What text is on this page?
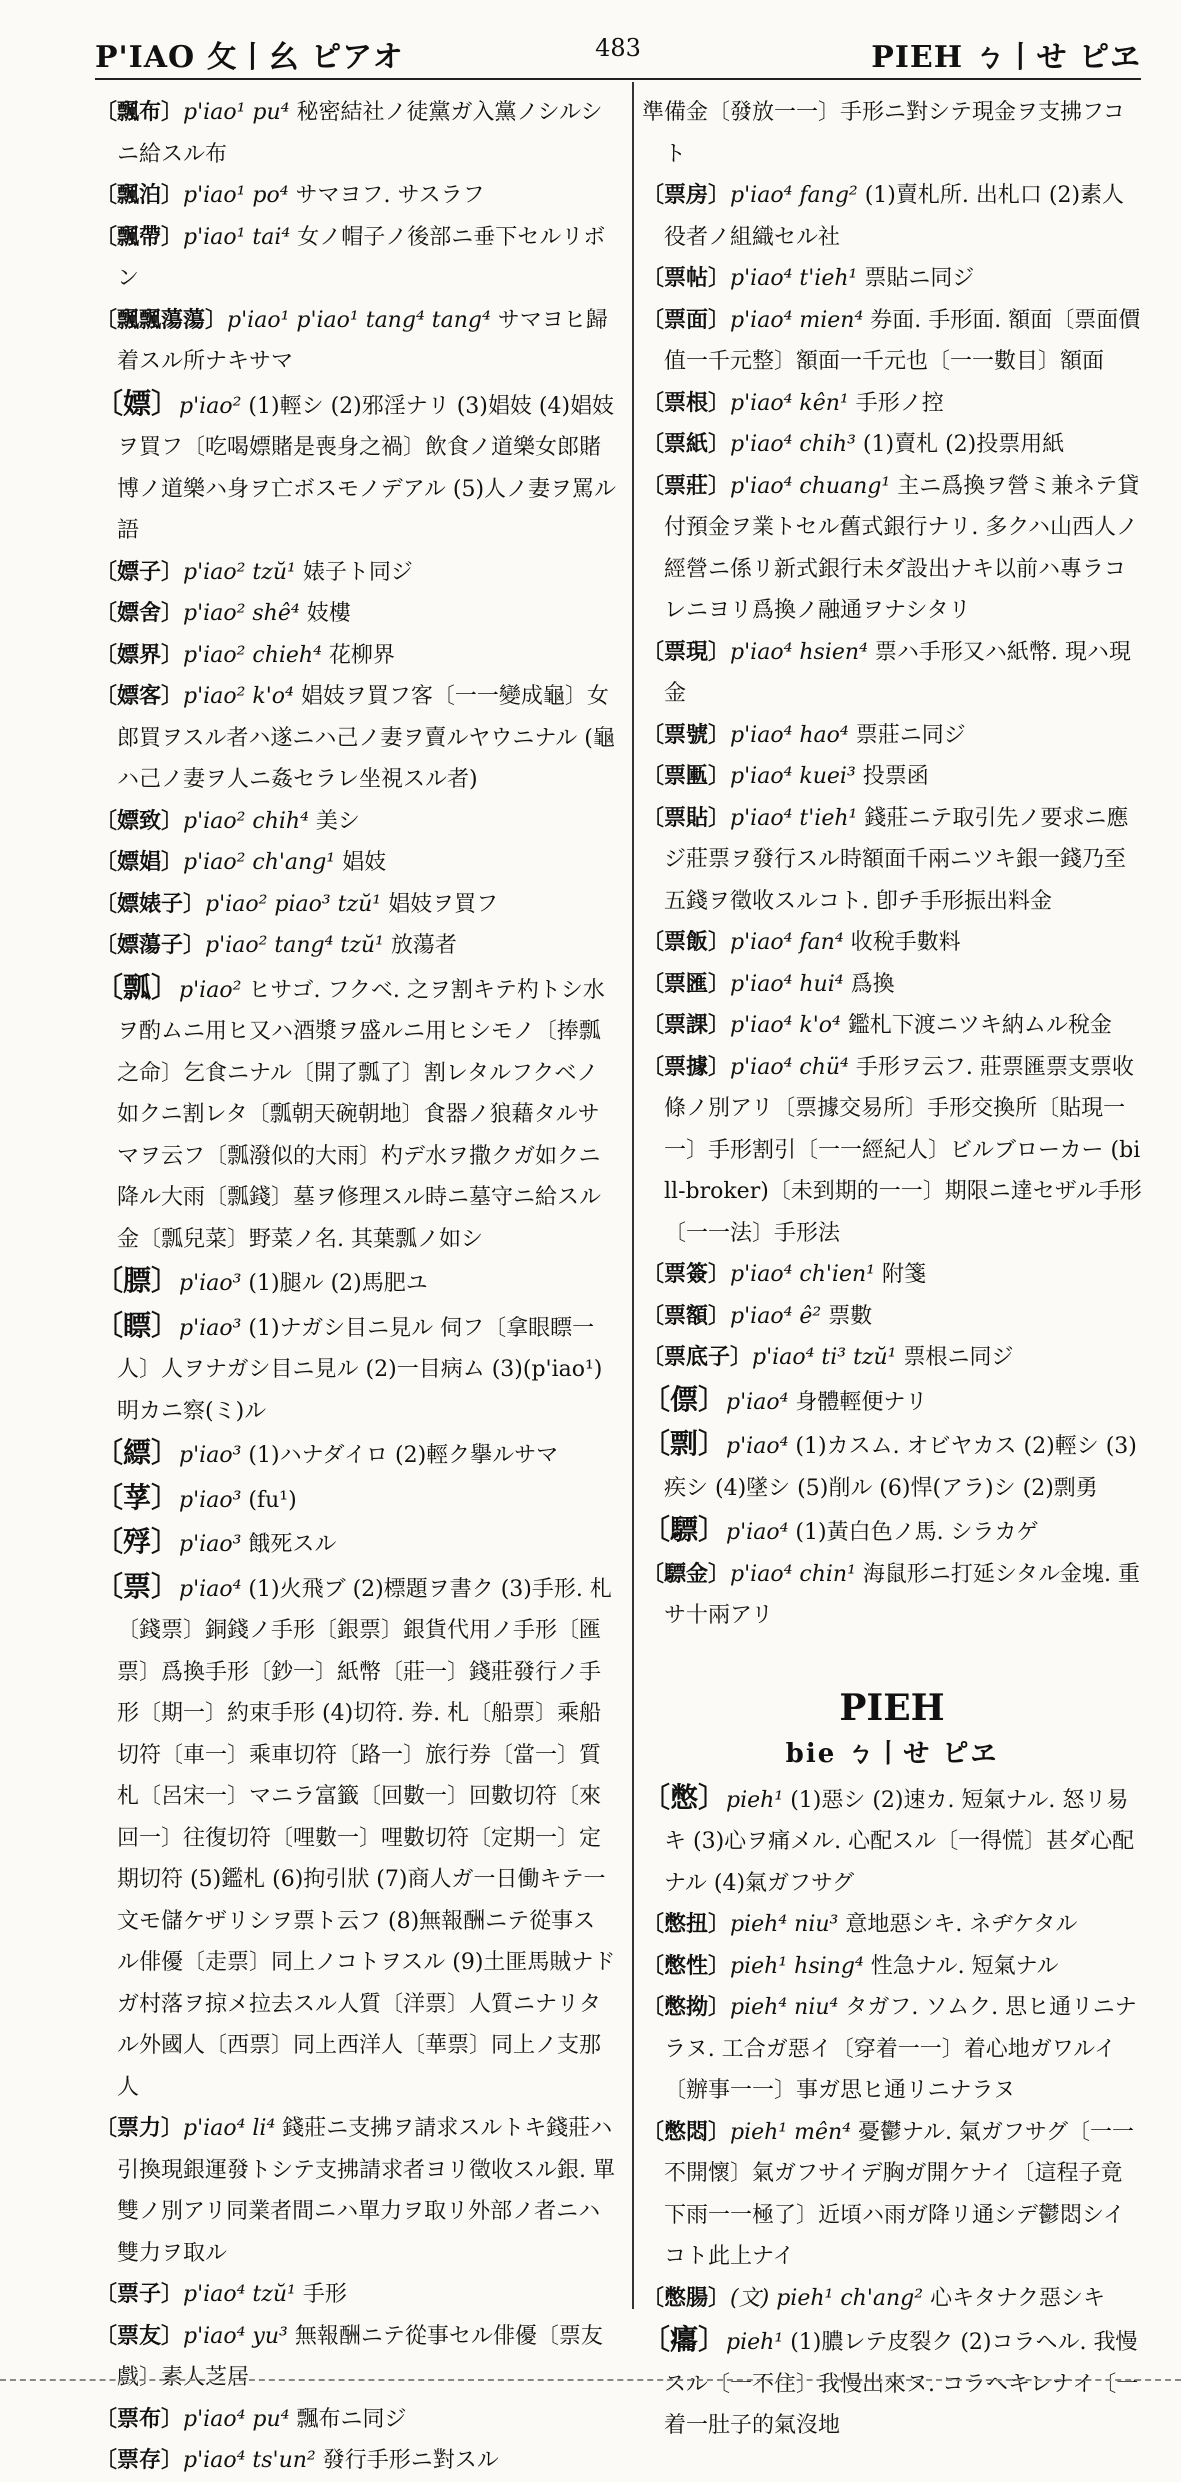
P'IAO 攵丨幺 ピアオ	483	PIEH ㄅ丨せ ピヱ

〔 飄布 〕 p'iao¹ pu⁴ 秘密結社ノ徒黨ガ入黨ノシルシニ給スル布

〔 飄泊 〕 p'iao¹ po⁴ サマヨフ. サスラフ

〔 飄帶 〕 p'iao¹ tai⁴ 女ノ帽子ノ後部ニ垂下セルリボン

〔 飄飄蕩蕩 〕 p'iao¹ p'iao¹ tang⁴ tang⁴ サマヨヒ歸着スル所ナキサマ

〔 嫖 〕 p'iao² (1)輕シ (2)邪淫ナリ (3)娼妓 (4)娼妓ヲ買フ〔吃喝嫖賭是喪身之禍〕飲食ノ道樂女郎賭博ノ道樂ハ身ヲ亡ボスモノデアル (5)人ノ妻ヲ罵ル語

〔 嫖子 〕 p'iao² tzŭ¹ 婊子ト同ジ

〔 嫖舍 〕 p'iao² shê⁴ 妓樓

〔 嫖界 〕 p'iao² chieh⁴ 花柳界

〔 嫖客 〕 p'iao² k'o⁴ 娼妓ヲ買フ客〔一一變成龜〕女郎買ヲスル者ハ遂ニハ己ノ妻ヲ賣ルヤウニナル (龜ハ己ノ妻ヲ人ニ姦セラレ坐視スル者)

〔 嫖致 〕 p'iao² chih⁴ 美シ

〔 嫖娼 〕 p'iao² ch'ang¹ 娼妓

〔 嫖婊子 〕 p'iao² piao³ tzŭ¹ 娼妓ヲ買フ

〔 嫖蕩子 〕 p'iao² tang⁴ tzŭ¹ 放蕩者

〔 瓢 〕 p'iao² ヒサゴ. フクベ. 之ヲ割キテ杓トシ水ヲ酌ムニ用ヒ又ハ酒漿ヲ盛ルニ用ヒシモノ〔捧瓢之命〕乞食ニナル〔開了瓢了〕割レタルフクベノ如クニ割レタ〔瓢朝天碗朝地〕食器ノ狼藉タルサマヲ云フ〔瓢潑似的大雨〕杓デ水ヲ撒クガ如クニ降ル大雨〔瓢錢〕墓ヲ修理スル時ニ墓守ニ給スル金〔瓢兒菜〕野菜ノ名. 其葉瓢ノ如シ

〔 膘 〕 p'iao³ (1)腿ル (2)馬肥ユ

〔 瞟 〕 p'iao³ (1)ナガシ目ニ見ル 伺フ〔拿眼瞟一人〕人ヲナガシ目ニ見ル (2)一目病ム (3)(p'iao¹)明カニ察(ミ)ル

〔 縹 〕 p'iao³ (1)ハナダイロ (2)輕ク擧ルサマ

〔 莩 〕 p'iao³ (fu¹)

〔 殍 〕 p'iao³ 餓死スル

〔 票 〕 p'iao⁴ (1)火飛ブ (2)標題ヲ書ク (3)手形. 札〔錢票〕銅錢ノ手形〔銀票〕銀貨代用ノ手形〔匯票〕爲換手形〔鈔一〕紙幣〔莊一〕錢莊發行ノ手形〔期一〕約束手形 (4)切符. 券. 札〔船票〕乘船切符〔車一〕乘車切符〔路一〕旅行券〔當一〕質札〔呂宋一〕マニラ富籤〔回數一〕回數切符〔來回一〕往復切符〔哩數一〕哩數切符〔定期一〕定期切符 (5)鑑札 (6)拘引狀 (7)商人ガ一日働キテ一文モ儲ケザリシヲ票ト云フ (8)無報酬ニテ從事スル俳優〔走票〕同上ノコトヲスル (9)土匪馬賊ナドガ村落ヲ掠メ拉去スル人質〔洋票〕人質ニナリタル外國人〔西票〕同上西洋人〔華票〕同上ノ支那人

〔 票力 〕 p'iao⁴ li⁴ 錢莊ニ支拂ヲ請求スルトキ錢莊ハ引換現銀運發トシテ支拂請求者ヨリ徵收スル銀. 單雙ノ別アリ同業者間ニハ單力ヲ取リ外部ノ者ニハ雙力ヲ取ル

〔 票子 〕 p'iao⁴ tzŭ¹ 手形

〔 票友 〕 p'iao⁴ yu³ 無報酬ニテ從事セル俳優〔票友戲〕素人芝居

〔 票布 〕 p'iao⁴ pu⁴ 飄布ニ同ジ

〔 票存 〕 p'iao⁴ ts'un² 發行手形ニ對スル

準備金〔發放一一〕手形ニ對シテ現金ヲ支拂フコト

〔 票房 〕 p'iao⁴ fang² (1)賣札所. 出札口 (2)素人役者ノ組織セル社

〔 票帖 〕 p'iao⁴ t'ieh¹ 票貼ニ同ジ

〔 票面 〕 p'iao⁴ mien⁴ 券面. 手形面. 額面〔票面價值一千元整〕額面一千元也〔一一數目〕額面

〔 票根 〕 p'iao⁴ kên¹ 手形ノ控

〔 票紙 〕 p'iao⁴ chih³ (1)賣札 (2)投票用紙

〔 票莊 〕 p'iao⁴ chuang¹ 主ニ爲換ヲ營ミ兼ネテ貸付預金ヲ業トセル舊式銀行ナリ. 多クハ山西人ノ經營ニ係リ新式銀行未ダ設出ナキ以前ハ專ラコレニヨリ爲換ノ融通ヲナシタリ

〔 票現 〕 p'iao⁴ hsien⁴ 票ハ手形又ハ紙幣. 現ハ現金

〔 票號 〕 p'iao⁴ hao⁴ 票莊ニ同ジ

〔 票匭 〕 p'iao⁴ kuei³ 投票函

〔 票貼 〕 p'iao⁴ t'ieh¹ 錢莊ニテ取引先ノ要求ニ應ジ莊票ヲ發行スル時額面千兩ニツキ銀一錢乃至五錢ヲ徵收スルコト. 卽チ手形振出料金

〔 票飯 〕 p'iao⁴ fan⁴ 收稅手數料

〔 票匯 〕 p'iao⁴ hui⁴ 爲換

〔 票課 〕 p'iao⁴ k'o⁴ 鑑札下渡ニツキ納ムル稅金

〔 票據 〕 p'iao⁴ chü⁴ 手形ヲ云フ. 莊票匯票支票收條ノ別アリ〔票據交易所〕手形交換所〔貼現一一〕手形割引〔一一經紀人〕ビルブローカー (bill-broker)〔未到期的一一〕期限ニ達セザル手形〔一一法〕手形法

〔 票簽 〕 p'iao⁴ ch'ien¹ 附箋

〔 票額 〕 p'iao⁴ ê² 票數

〔 票底子 〕 p'iao⁴ ti³ tzŭ¹ 票根ニ同ジ

〔 僄 〕 p'iao⁴ 身體輕便ナリ

〔 剽 〕 p'iao⁴ (1)カスム. オビヤカス (2)輕シ (3)疾シ (4)墜シ (5)削ル (6)悍(アラ)シ (2)剽勇

〔 驃 〕 p'iao⁴ (1)黃白色ノ馬. シラカゲ

〔 驃金 〕 p'iao⁴ chin¹ 海鼠形ニ打延シタル金塊. 重サ十兩アリ

PIEH
bie ㄅ丨せ ピヱ

〔 憋 〕 pieh¹ (1)惡シ (2)速カ. 短氣ナル. 怒リ易キ (3)心ヲ痛メル. 心配スル〔一得慌〕甚ダ心配ナル (4)氣ガフサグ

〔 憋扭 〕 pieh⁴ niu³ 意地惡シキ. ネヂケタル

〔 憋性 〕 pieh¹ hsing⁴ 性急ナル. 短氣ナル

〔 憋拗 〕 pieh⁴ niu⁴ タガフ. ソムク. 思ヒ通リニナラヌ. 工合ガ惡イ〔穿着一一〕着心地ガワルイ〔辦事一一〕事ガ思ヒ通リニナラヌ

〔 憋悶 〕 pieh¹ mên⁴ 憂鬱ナル. 氣ガフサグ〔一一不開懷〕氣ガフサイデ胸ガ開ケナイ〔這程子竟下雨一一極了〕近頃ハ雨ガ降リ通シデ鬱悶シイコト此上ナイ

〔 憋腸 〕 (文) pieh¹ ch'ang² 心キタナク惡シキ

〔 癟 〕 pieh¹ (1)膿レテ皮裂ク (2)コラヘル. 我慢スル〔一不住〕我慢出來ヌ. コラヘキレナイ〔一着一肚子的氣沒地
